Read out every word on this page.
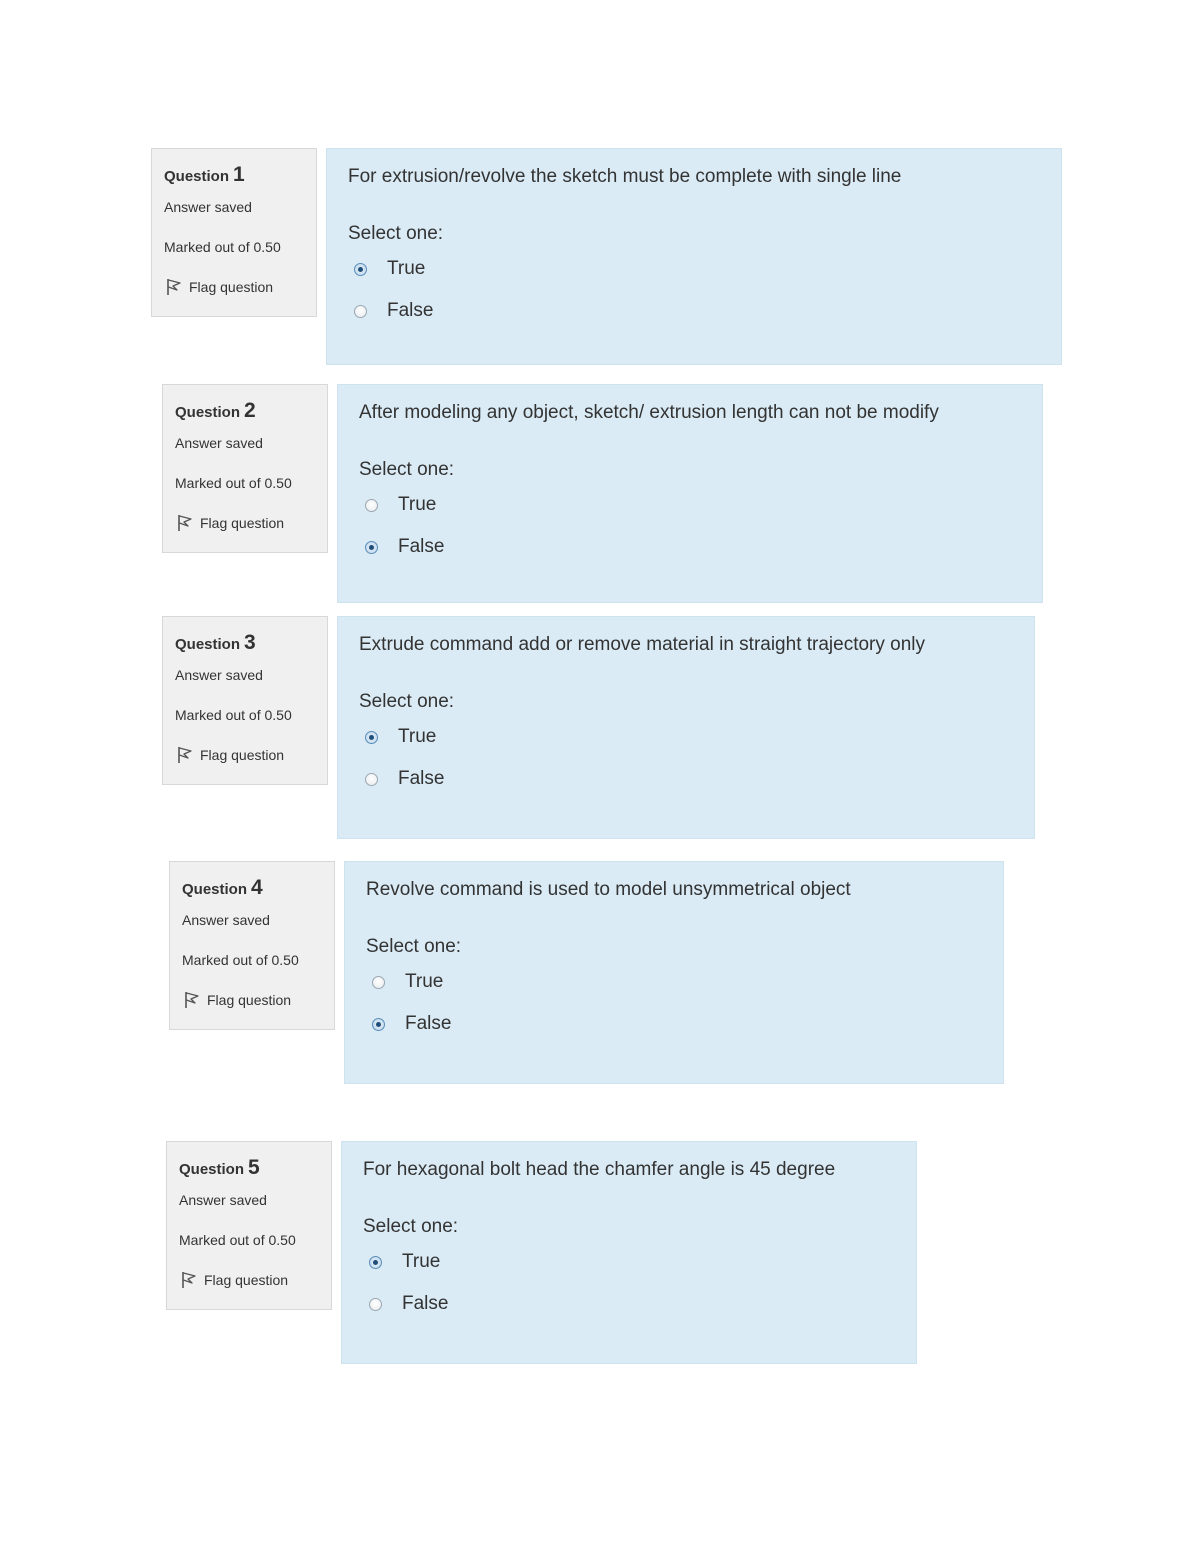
Question 1
Answer saved
Marked out of 0.50
Flag question
For extrusion/revolve the sketch must be complete with single line
Select one:
True
False
Question 2
Answer saved
Marked out of 0.50
Flag question
After modeling any object, sketch/ extrusion length can not be modify
Select one:
True
False
Question 3
Answer saved
Marked out of 0.50
Flag question
Extrude command add or remove material in straight trajectory only
Select one:
True
False
Question 4
Answer saved
Marked out of 0.50
Flag question
Revolve command is used to model unsymmetrical object
Select one:
True
False
Question 5
Answer saved
Marked out of 0.50
Flag question
For hexagonal bolt head the chamfer angle is 45 degree
Select one:
True
False
